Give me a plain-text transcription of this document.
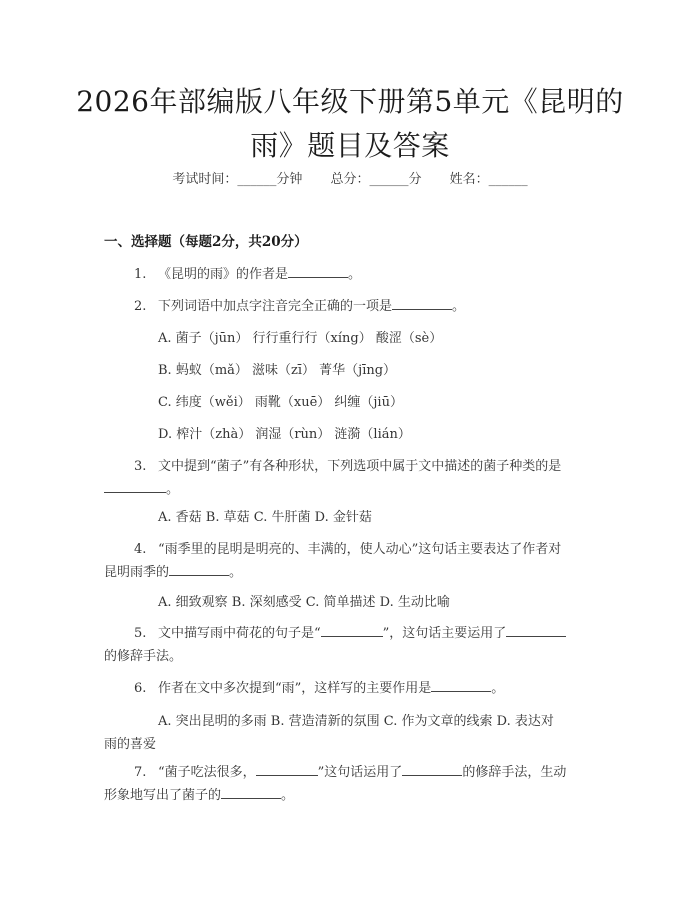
2026年部编版八年级下册第5单元《昆明的
雨》题目及答案
考试时间：______分钟 总分：______分 姓名：______
一、选择题（每题2分，共20分）
1. 《昆明的雨》的作者是	。
2. 下列词语中加点字注音完全正确的一项是	。
A. 菌子（jūn） 行行重行行（xíng） 酸涩（sè）
B. 蚂蚁（mǎ） 滋味（zī） 菁华（jīng）
C. 纬度（wěi） 雨靴（xuē） 纠缠（jiū）
D. 榨汁（zhà） 润湿（rùn） 涟漪（lián）
3. 文中提到“菌子”有各种形状，下列选项中属于文中描述的菌子种类的是
。
A. 香菇 B. 草菇 C. 牛肝菌 D. 金针菇
4. “雨季里的昆明是明亮的、丰满的，使人动心”这句话主要表达了作者对
昆明雨季的	。
A. 细致观察 B. 深刻感受 C. 简单描述 D. 生动比喻
5. 文中描写雨中荷花的句子是“	”，这句话主要运用了
的修辞手法。
6. 作者在文中多次提到“雨”，这样写的主要作用是	。
A. 突出昆明的多雨 B. 营造清新的氛围 C. 作为文章的线索 D. 表达对
雨的喜爱
7. “菌子吃法很多，	”这句话运用了	的修辞手法，生动
形象地写出了菌子的	。
